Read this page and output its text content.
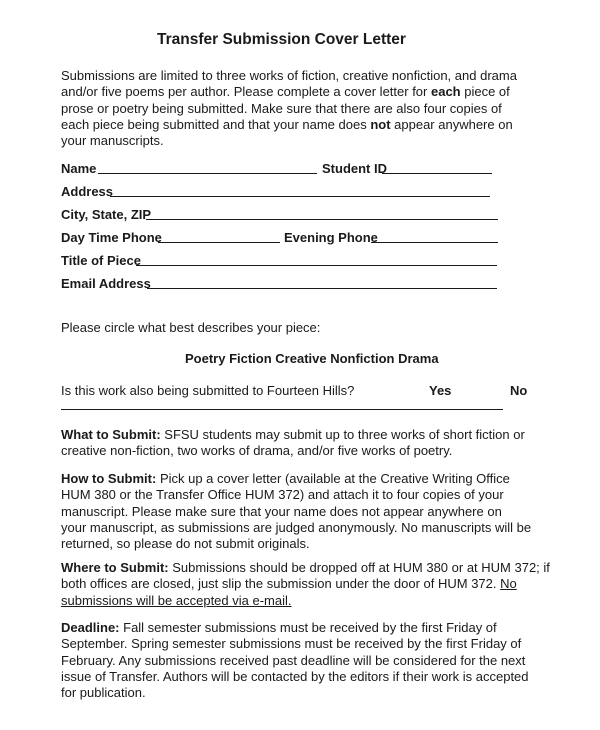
Transfer Submission Cover Letter
Submissions are limited to three works of fiction, creative nonfiction, and drama
and/or five poems per author. Please complete a cover letter for each piece of
prose or poetry being submitted. Make sure that there are also four copies of
each piece being submitted and that your name does not appear anywhere on
your manuscripts.
Name	Student ID
Address
City, State, ZIP
Day Time Phone	Evening Phone
Title of Piece
Email Address
Please circle what best describes your piece:
Poetry Fiction Creative Nonfiction Drama
Is this work also being submitted to Fourteen Hills?	Yes	No
What to Submit: SFSU students may submit up to three works of short fiction or
creative non-fiction, two works of drama, and/or five works of poetry.
How to Submit: Pick up a cover letter (available at the Creative Writing Office
HUM 380 or the Transfer Office HUM 372) and attach it to four copies of your
manuscript. Please make sure that your name does not appear anywhere on
your manuscript, as submissions are judged anonymously. No manuscripts will be
returned, so please do not submit originals.
Where to Submit: Submissions should be dropped off at HUM 380 or at HUM 372; if
both offices are closed, just slip the submission under the door of HUM 372. No
submissions will be accepted via e-mail.
Deadline: Fall semester submissions must be received by the first Friday of
September. Spring semester submissions must be received by the first Friday of
February. Any submissions received past deadline will be considered for the next
issue of Transfer. Authors will be contacted by the editors if their work is accepted
for publication.
